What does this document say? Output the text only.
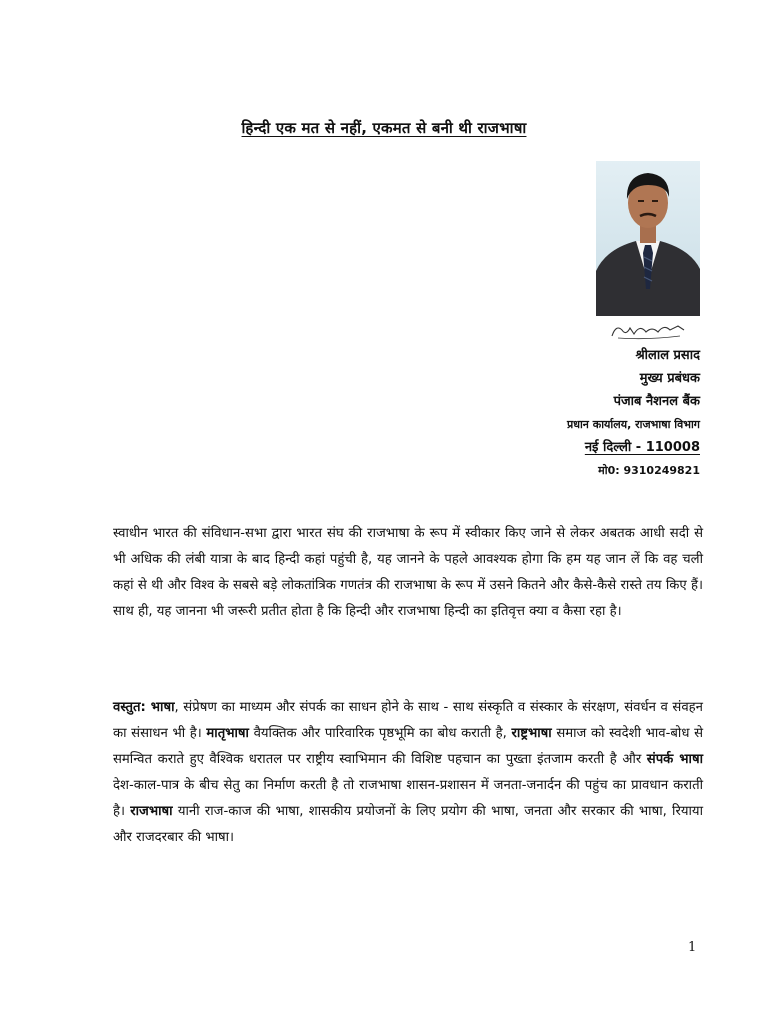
हिन्दी एक मत से नहीं, एकमत से बनी थी राजभाषा
श्रीलाल प्रसाद
मुख्य प्रबंधक
पंजाब नैशनल बैंक
प्रधान कार्यालय, राजभाषा विभाग
नई दिल्ली - 110008
मो0: 9310249821

स्वाधीन भारत की संविधान-सभा द्वारा भारत संघ की राजभाषा के रूप में स्वीकार किए जाने से लेकर अबतक आधी सदी से भी अधिक की लंबी यात्रा के बाद हिन्दी कहां पहुंची है, यह जानने के पहले आवश्यक होगा कि हम यह जान लें कि वह चली कहां से थी और विश्व के सबसे बड़े लोकतांत्रिक गणतंत्र की राजभाषा के रूप में उसने कितने और कैसे-कैसे रास्ते तय किए हैं। साथ ही, यह जानना भी जरूरी प्रतीत होता है कि हिन्दी और राजभाषा हिन्दी का इतिवृत्त क्या व कैसा रहा है।

वस्तुत: भाषा, संप्रेषण का माध्यम और संपर्क का साधन होने के साथ - साथ संस्कृति व संस्कार के संरक्षण, संवर्धन व संवहन का संसाधन भी है। मातृभाषा वैयक्तिक और पारिवारिक पृष्ठभूमि का बोध कराती है, राष्ट्रभाषा समाज को स्वदेशी भाव-बोध से समन्वित कराते हुए वैश्विक धरातल पर राष्ट्रीय स्वाभिमान की विशिष्ट पहचान का पुख्ता इंतजाम करती है और संपर्क भाषा देश-काल-पात्र के बीच सेतु का निर्माण करती है तो राजभाषा शासन-प्रशासन में जनता-जनार्दन की पहुंच का प्रावधान कराती है। राजभाषा यानी राज-काज की भाषा, शासकीय प्रयोजनों के लिए प्रयोग की भाषा, जनता और सरकार की भाषा, रियाया और राजदरबार की भाषा।

1
